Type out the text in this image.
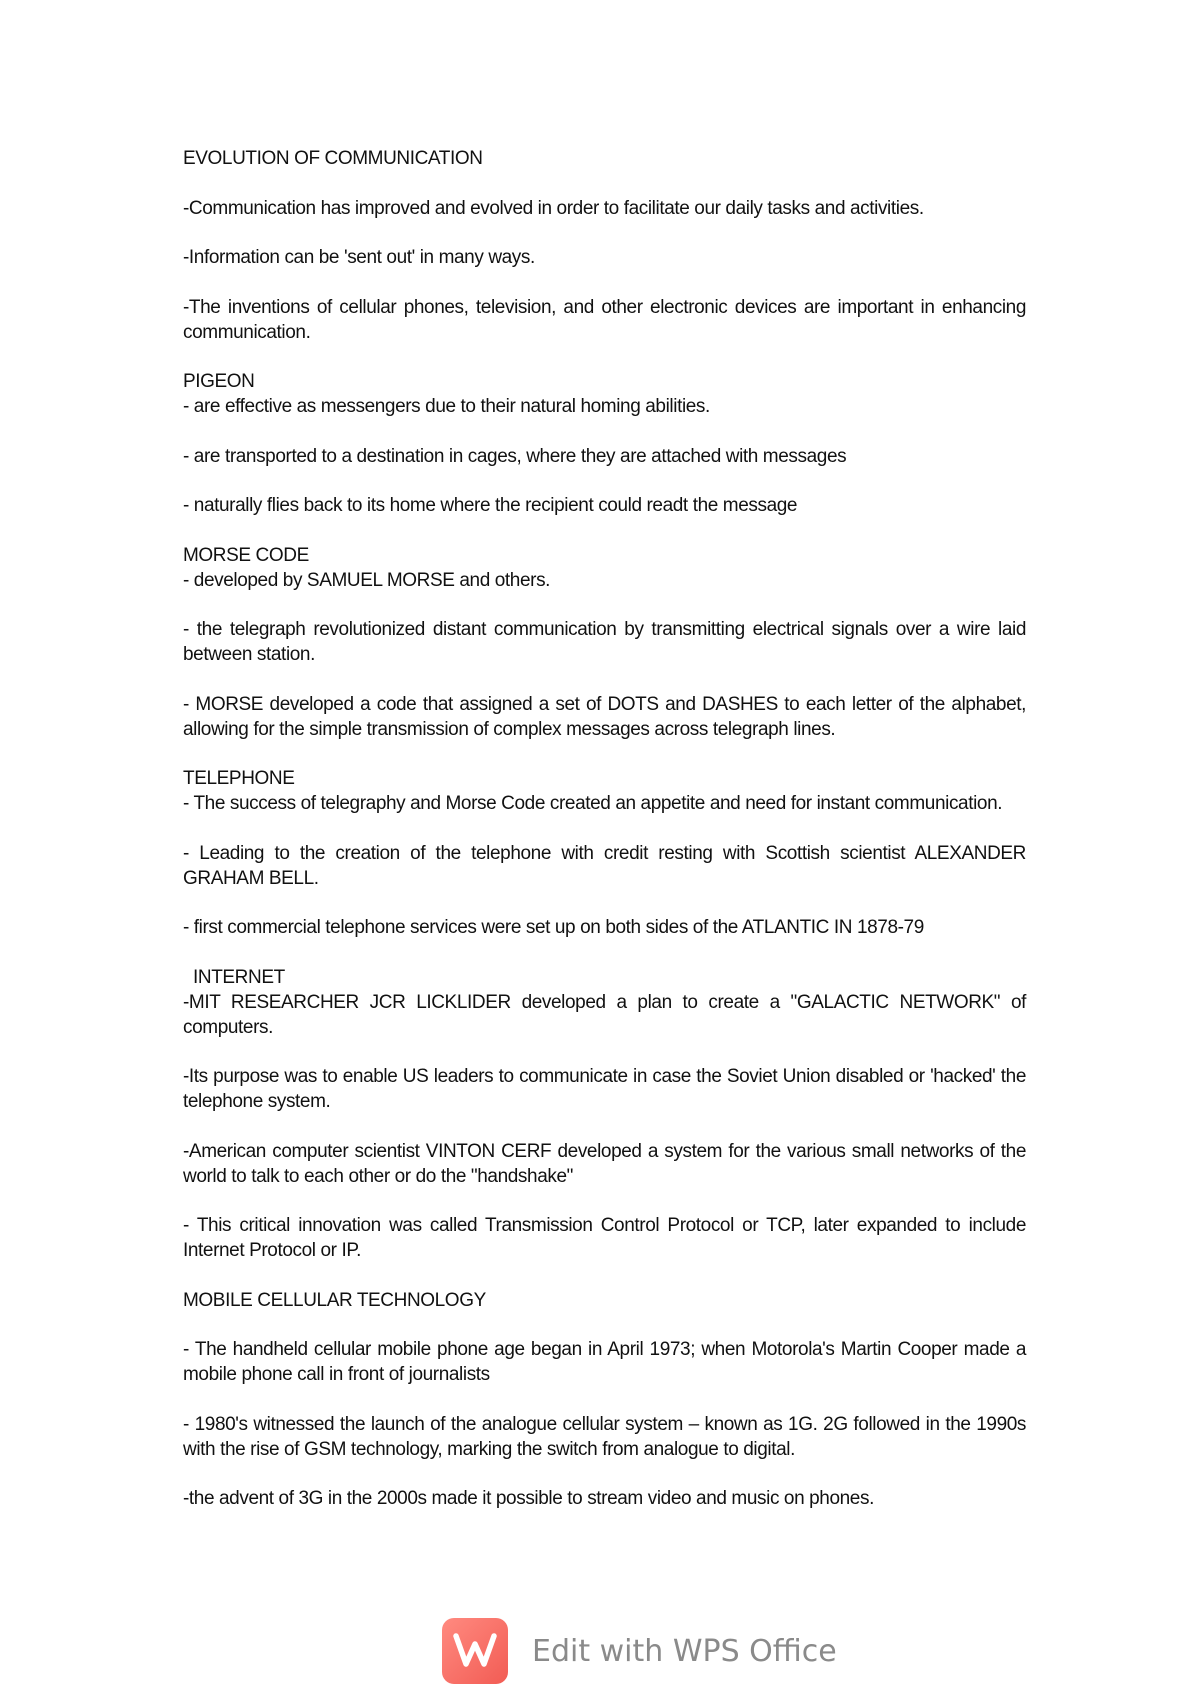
EVOLUTION OF COMMUNICATION

-Communication has improved and evolved in order to facilitate our daily tasks and activities.

-Information can be 'sent out' in many ways.

-The inventions of cellular phones, television, and other electronic devices are important in enhancing communication.

PIGEON

- are effective as messengers due to their natural homing abilities.

- are transported to a destination in cages, where they are attached with messages

- naturally flies back to its home where the recipient could readt the message

MORSE CODE

- developed by SAMUEL MORSE and others.

- the telegraph revolutionized distant communication by transmitting electrical signals over a wire laid between station.

- MORSE developed a code that assigned a set of DOTS and DASHES to each letter of the alphabet, allowing for the simple transmission of complex messages across telegraph lines.

TELEPHONE

- The success of telegraphy and Morse Code created an appetite and need for instant communication.

- Leading to the creation of the telephone with credit resting with Scottish scientist ALEXANDER GRAHAM BELL.

- first commercial telephone services were set up on both sides of the ATLANTIC IN 1878-79

INTERNET

-MIT RESEARCHER JCR LICKLIDER developed a plan to create a "GALACTIC NETWORK" of computers.

-Its purpose was to enable US leaders to communicate in case the Soviet Union disabled or 'hacked' the telephone system.

-American computer scientist VINTON CERF developed a system for the various small networks of the world to talk to each other or do the "handshake"

- This critical innovation was called Transmission Control Protocol or TCP, later expanded to include Internet Protocol or IP.

MOBILE CELLULAR TECHNOLOGY

- The handheld cellular mobile phone age began in April 1973; when Motorola's Martin Cooper made a mobile phone call in front of journalists

- 1980's witnessed the launch of the analogue cellular system – known as 1G. 2G followed in the 1990s with the rise of GSM technology, marking the switch from analogue to digital.

-the advent of 3G in the 2000s made it possible to stream video and music on phones.

Edit with WPS Office
